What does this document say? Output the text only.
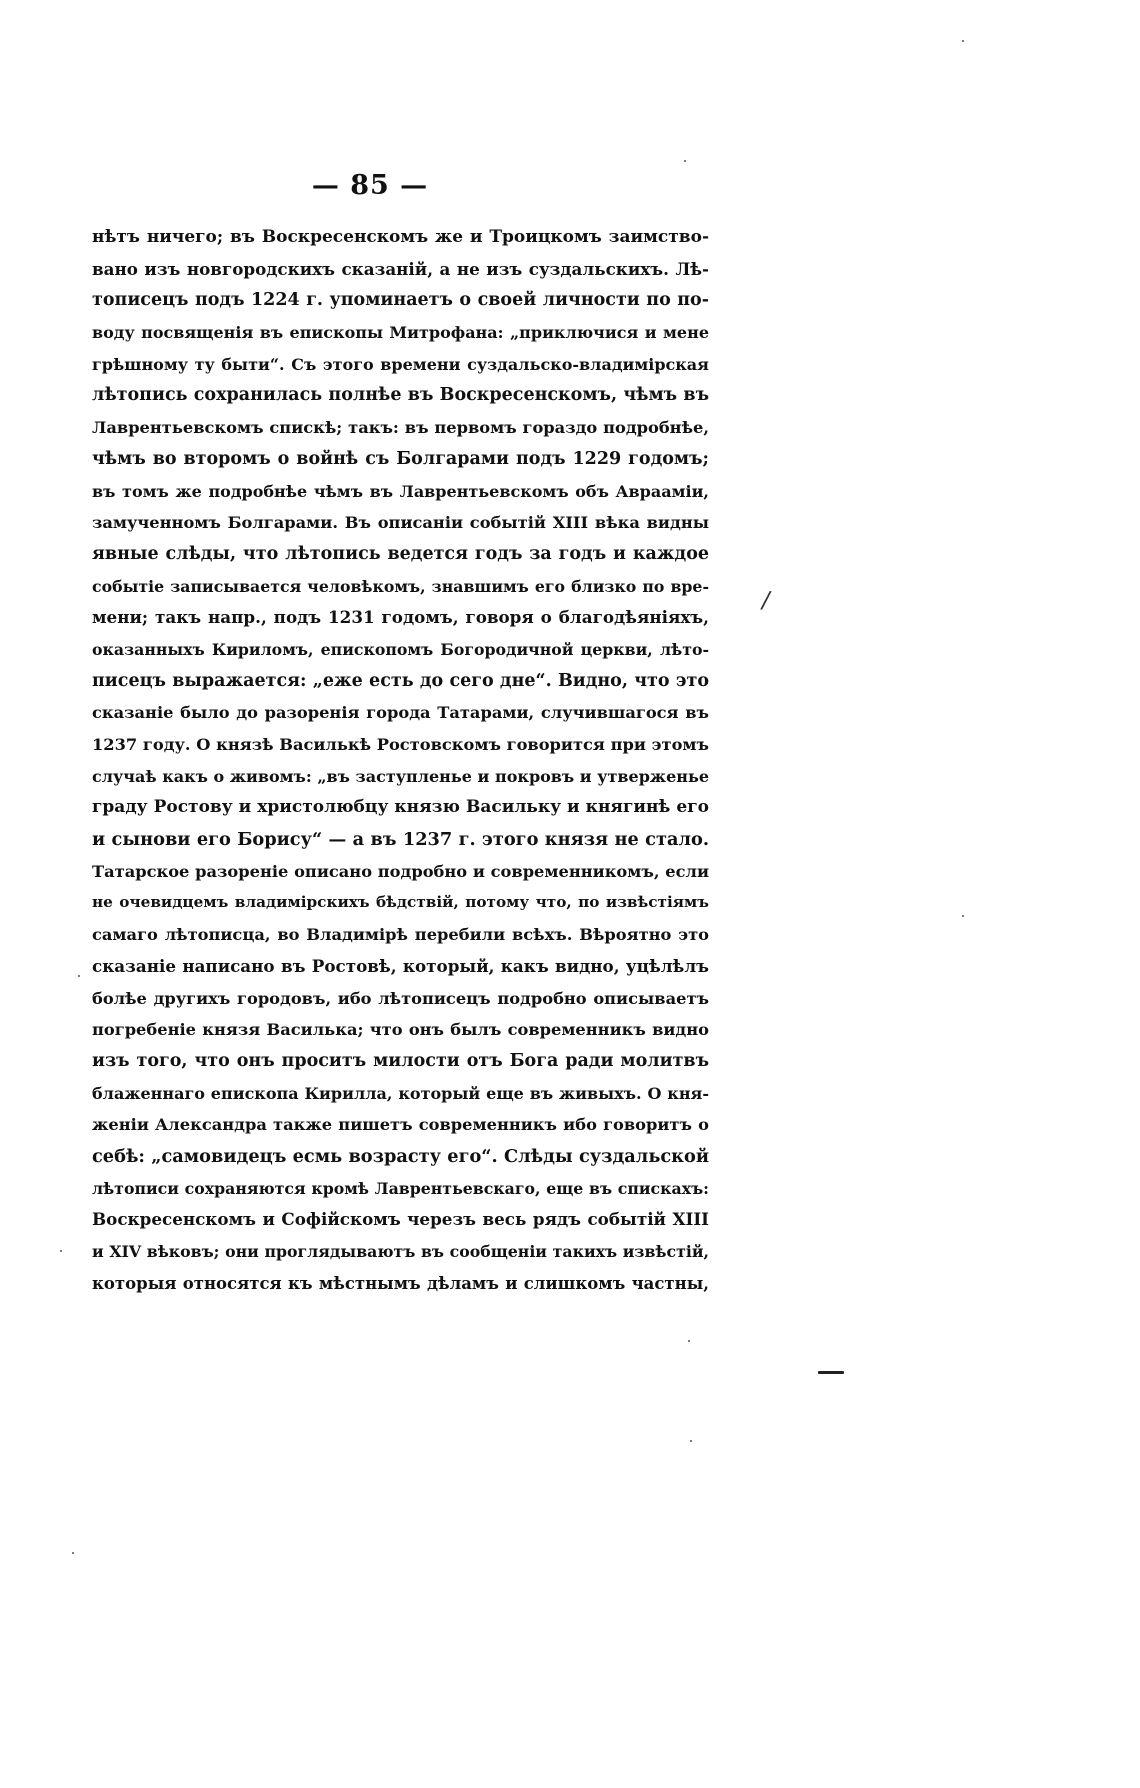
— 85 —
нѣтъ ничего; въ Воскресенскомъ же и Троицкомъ заимство-
вано изъ новгородскихъ сказаній, а не изъ суздальскихъ. Лѣ-
тописецъ подъ 1224 г. упоминаетъ о своей личности по по-
воду посвященія въ епископы Митрофана: „приключися и мене
грѣшному ту быти“. Съ этого времени суздальско-владимірская
лѣтопись сохранилась полнѣе въ Воскресенскомъ, чѣмъ въ
Лаврентьевскомъ спискѣ; такъ: въ первомъ гораздо подробнѣе,
чѣмъ во второмъ о войнѣ съ Болгарами подъ 1229 годомъ;
въ томъ же подробнѣе чѣмъ въ Лаврентьевскомъ объ Авраамiи,
замученномъ Болгарами. Въ описаніи событій XIII вѣка видны
явные слѣды, что лѣтопись ведется годъ за годъ и каждое
событіе записывается человѣкомъ, знавшимъ его близко по вре-
мени; такъ напр., подъ 1231 годомъ, говоря о благодѣяніяхъ,
оказанныхъ Кириломъ, епископомъ Богородичной церкви, лѣто-
писецъ выражается: „еже есть до сего дне“. Видно, что это
сказаніе было до разоренія города Татарами, случившагося въ
1237 году. О князѣ Василькѣ Ростовскомъ говорится при этомъ
случаѣ какъ о живомъ: „въ заступленье и покровъ и утверженье
граду Ростову и христолюбцу князю Васильку и княгинѣ его
и сынови его Борису“ — а въ 1237 г. этого князя не стало.
Татарское разореніе описано подробно и современникомъ, если
не очевидцемъ владимірскихъ бѣдствій, потому что, по извѣстіямъ
самаго лѣтописца, во Владимірѣ перебили всѣхъ. Вѣроятно это
сказаніе написано въ Ростовѣ, который, какъ видно, уцѣлѣлъ
болѣе другихъ городовъ, ибо лѣтописецъ подробно описываетъ
погребеніе князя Василька; что онъ былъ современникъ видно
изъ того, что онъ проситъ милости отъ Бога ради молитвъ
блаженнаго епископа Кирилла, который еще въ живыхъ. О кня-
женіи Александра также пишетъ современникъ ибо говоритъ о
себѣ: „самовидецъ есмь возрасту его“. Слѣды суздальской
лѣтописи сохраняются кромѣ Лаврентьевскаго, еще въ спискахъ:
Воскресенскомъ и Софійскомъ черезъ весь рядъ событій XIII
и XIV вѣковъ; они проглядываютъ въ сообщеніи такихъ извѣстій,
которыя относятся къ мѣстнымъ дѣламъ и слишкомъ частны,
/
